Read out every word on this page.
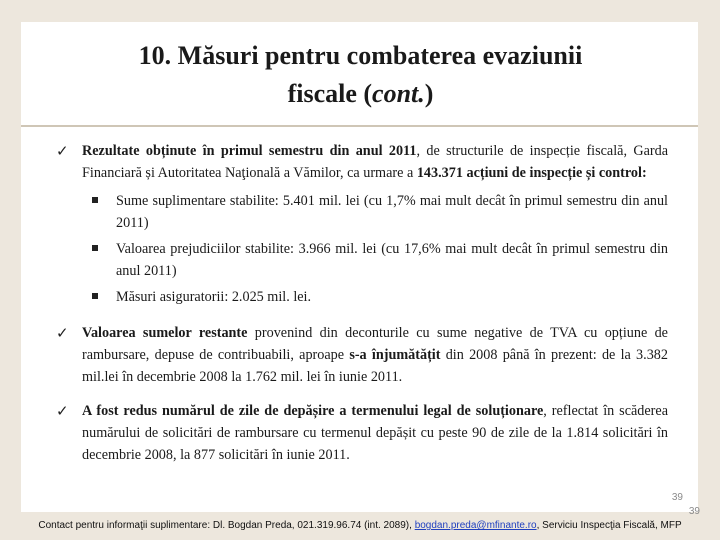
10. Măsuri pentru combaterea evaziunii
fiscale (cont.)
✓ Rezultate obținute în primul semestru din anul 2011, de structurile de inspecție fiscală, Garda Financiară și Autoritatea Naţională a Vămilor, ca urmare a 143.371 acțiuni de inspecție și control:
Sume suplimentare stabilite: 5.401 mil. lei (cu 1,7% mai mult decât în primul semestru din anul 2011)
Valoarea prejudiciilor stabilite: 3.966 mil. lei (cu 17,6% mai mult decât în primul semestru din anul 2011)
Măsuri asiguratorii: 2.025 mil. lei.
✓ Valoarea sumelor restante provenind din deconturile cu sume negative de TVA cu opțiune de rambursare, depuse de contribuabili, aproape s-a înjumătățit din 2008 până în prezent: de la 3.382 mil.lei în decembrie 2008 la 1.762 mil. lei în iunie 2011.
✓ A fost redus numărul de zile de depășire a termenului legal de soluționare, reflectat în scăderea numărului de solicitări de rambursare cu termenul depășit cu peste 90 de zile de la 1.814 solicitări în decembrie 2008, la 877 solicitări în iunie 2011.
39
39
Contact pentru informaţii suplimentare: Dl. Bogdan Preda, 021.319.96.74 (int. 2089), bogdan.preda@mfinante.ro, Serviciu Inspecţia Fiscală, MFP
